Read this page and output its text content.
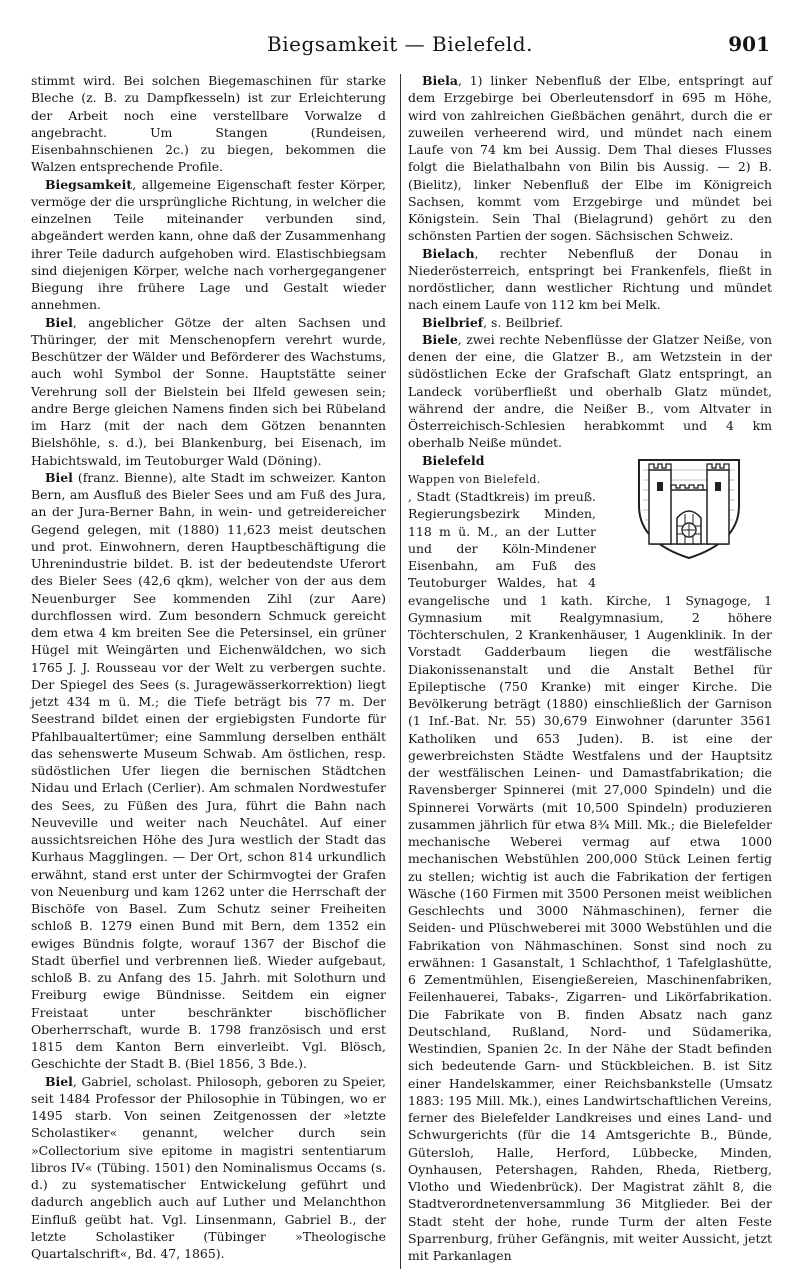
Biegsamkeit — Bielefeld.	901

stimmt wird. Bei solchen Biegemaschinen für starke Bleche (z. B. zu Dampfkesseln) ist zur Erleichterung der Arbeit noch eine verstellbare Vorwalze d angebracht. Um Stangen (Rundeisen, Eisenbahnschienen 2c.) zu biegen, bekommen die Walzen entsprechende Profile.

Biegsamkeit, allgemeine Eigenschaft fester Körper, vermöge der die ursprüngliche Richtung, in welcher die einzelnen Teile miteinander verbunden sind, abgeändert werden kann, ohne daß der Zusammenhang ihrer Teile dadurch aufgehoben wird. Elastischbiegsam sind diejenigen Körper, welche nach vorhergegangener Biegung ihre frühere Lage und Gestalt wieder annehmen.

Biel, angeblicher Götze der alten Sachsen und Thüringer, der mit Menschenopfern verehrt wurde, Beschützer der Wälder und Beförderer des Wachstums, auch wohl Symbol der Sonne. Hauptstätte seiner Verehrung soll der Bielstein bei Ilfeld gewesen sein; andre Berge gleichen Namens finden sich bei Rübeland im Harz (mit der nach dem Götzen benannten Bielshöhle, s. d.), bei Blankenburg, bei Eisenach, im Habichtswald, im Teutoburger Wald (Döning).

Biel (franz. Bienne), alte Stadt im schweizer. Kanton Bern, am Ausfluß des Bieler Sees und am Fuß des Jura, an der Jura-Berner Bahn, in wein- und getreidereicher Gegend gelegen, mit (1880) 11,623 meist deutschen und prot. Einwohnern, deren Hauptbeschäftigung die Uhrenindustrie bildet. B. ist der bedeutendste Uferort des Bieler Sees (42,6 qkm), welcher von der aus dem Neuenburger See kommenden Zihl (zur Aare) durchflossen wird. Zum besondern Schmuck gereicht dem etwa 4 km breiten See die Petersinsel, ein grüner Hügel mit Weingärten und Eichenwäldchen, wo sich 1765 J. J. Rousseau vor der Welt zu verbergen suchte. Der Spiegel des Sees (s. Juragewässerkorrektion) liegt jetzt 434 m ü. M.; die Tiefe beträgt bis 77 m. Der Seestrand bildet einen der ergiebigsten Fundorte für Pfahlbaualtertümer; eine Sammlung derselben enthält das sehenswerte Museum Schwab. Am östlichen, resp. südöstlichen Ufer liegen die bernischen Städtchen Nidau und Erlach (Cerlier). Am schmalen Nordwestufer des Sees, zu Füßen des Jura, führt die Bahn nach Neuveville und weiter nach Neuchâtel. Auf einer aussichtsreichen Höhe des Jura westlich der Stadt das Kurhaus Magglingen. — Der Ort, schon 814 urkundlich erwähnt, stand erst unter der Schirmvogtei der Grafen von Neuenburg und kam 1262 unter die Herrschaft der Bischöfe von Basel. Zum Schutz seiner Freiheiten schloß B. 1279 einen Bund mit Bern, dem 1352 ein ewiges Bündnis folgte, worauf 1367 der Bischof die Stadt überfiel und verbrennen ließ. Wieder aufgebaut, schloß B. zu Anfang des 15. Jahrh. mit Solothurn und Freiburg ewige Bündnisse. Seitdem ein eigner Freistaat unter beschränkter bischöflicher Oberherrschaft, wurde B. 1798 französisch und erst 1815 dem Kanton Bern einverleibt. Vgl. Blösch, Geschichte der Stadt B. (Biel 1856, 3 Bde.).

Biel, Gabriel, scholast. Philosoph, geboren zu Speier, seit 1484 Professor der Philosophie in Tübingen, wo er 1495 starb. Von seinen Zeitgenossen der »letzte Scholastiker« genannt, welcher durch sein »Collectorium sive epitome in magistri sententiarum libros IV« (Tübing. 1501) den Nominalismus Occams (s. d.) zu systematischer Entwickelung geführt und dadurch angeblich auch auf Luther und Melanchthon Einfluß geübt hat. Vgl. Linsenmann, Gabriel B., der letzte Scholastiker (Tübinger »Theologische Quartalschrift«, Bd. 47, 1865).

Biela, 1) linker Nebenfluß der Elbe, entspringt auf dem Erzgebirge bei Oberleutensdorf in 695 m Höhe, wird von zahlreichen Gießbächen genährt, durch die er zuweilen verheerend wird, und mündet nach einem Laufe von 74 km bei Aussig. Dem Thal dieses Flusses folgt die Bielathalbahn von Bilin bis Aussig. — 2) B. (Bielitz), linker Nebenfluß der Elbe im Königreich Sachsen, kommt vom Erzgebirge und mündet bei Königstein. Sein Thal (Bielagrund) gehört zu den schönsten Partien der sogen. Sächsischen Schweiz.

Bielach, rechter Nebenfluß der Donau in Niederösterreich, entspringt bei Frankenfels, fließt in nordöstlicher, dann westlicher Richtung und mündet nach einem Laufe von 112 km bei Melk.

Bielbrief, s. Beilbrief.

Biele, zwei rechte Nebenflüsse der Glatzer Neiße, von denen der eine, die Glatzer B., am Wetzstein in der südöstlichen Ecke der Grafschaft Glatz entspringt, an Landeck vorüberfließt und oberhalb Glatz mündet, während der andre, die Neißer B., vom Altvater in Österreichisch-Schlesien herabkommt und 4 km oberhalb Neiße mündet.

Bielefeld

Wappen von Bielefeld.
, Stadt (Stadtkreis) im preuß. Regierungsbezirk Minden, 118 m ü. M., an der Lutter und der Köln-Mindener Eisenbahn, am Fuß des Teutoburger Waldes, hat 4 evangelische und 1 kath. Kirche, 1 Synagoge, 1 Gymnasium mit Realgymnasium, 2 höhere Töchterschulen, 2 Krankenhäuser, 1 Augenklinik. In der Vorstadt Gadderbaum liegen die westfälische Diakonissenanstalt und die Anstalt Bethel für Epileptische (750 Kranke) mit einger Kirche. Die Bevölkerung beträgt (1880) einschließlich der Garnison (1 Inf.-Bat. Nr. 55) 30,679 Einwohner (darunter 3561 Katholiken und 653 Juden). B. ist eine der gewerbreichsten Städte Westfalens und der Hauptsitz der westfälischen Leinen- und Damastfabrikation; die Ravensberger Spinnerei (mit 27,000 Spindeln) und die Spinnerei Vorwärts (mit 10,500 Spindeln) produzieren zusammen jährlich für etwa 8¾ Mill. Mk.; die Bielefelder mechanische Weberei vermag auf etwa 1000 mechanischen Webstühlen 200,000 Stück Leinen fertig zu stellen; wichtig ist auch die Fabrikation der fertigen Wäsche (160 Firmen mit 3500 Personen meist weiblichen Geschlechts und 3000 Nähmaschinen), ferner die Seiden- und Plüschweberei mit 3000 Webstühlen und die Fabrikation von Nähmaschinen. Sonst sind noch zu erwähnen: 1 Gasanstalt, 1 Schlachthof, 1 Tafelglashütte, 6 Zementmühlen, Eisengießereien, Maschinenfabriken, Feilenhauerei, Tabaks-, Zigarren- und Likörfabrikation. Die Fabrikate von B. finden Absatz nach ganz Deutschland, Rußland, Nord- und Südamerika, Westindien, Spanien 2c. In der Nähe der Stadt befinden sich bedeutende Garn- und Stückbleichen. B. ist Sitz einer Handelskammer, einer Reichsbankstelle (Umsatz 1883: 195 Mill. Mk.), eines Landwirtschaftlichen Vereins, ferner des Bielefelder Landkreises und eines Land- und Schwurgerichts (für die 14 Amtsgerichte B., Bünde, Gütersloh, Halle, Herford, Lübbecke, Minden, Oynhausen, Petershagen, Rahden, Rheda, Rietberg, Vlotho und Wiedenbrück). Der Magistrat zählt 8, die Stadtverordnetenversammlung 36 Mitglieder. Bei der Stadt steht der hohe, runde Turm der alten Feste Sparrenburg, früher Gefängnis, mit weiter Aussicht, jetzt mit Parkanlagen
